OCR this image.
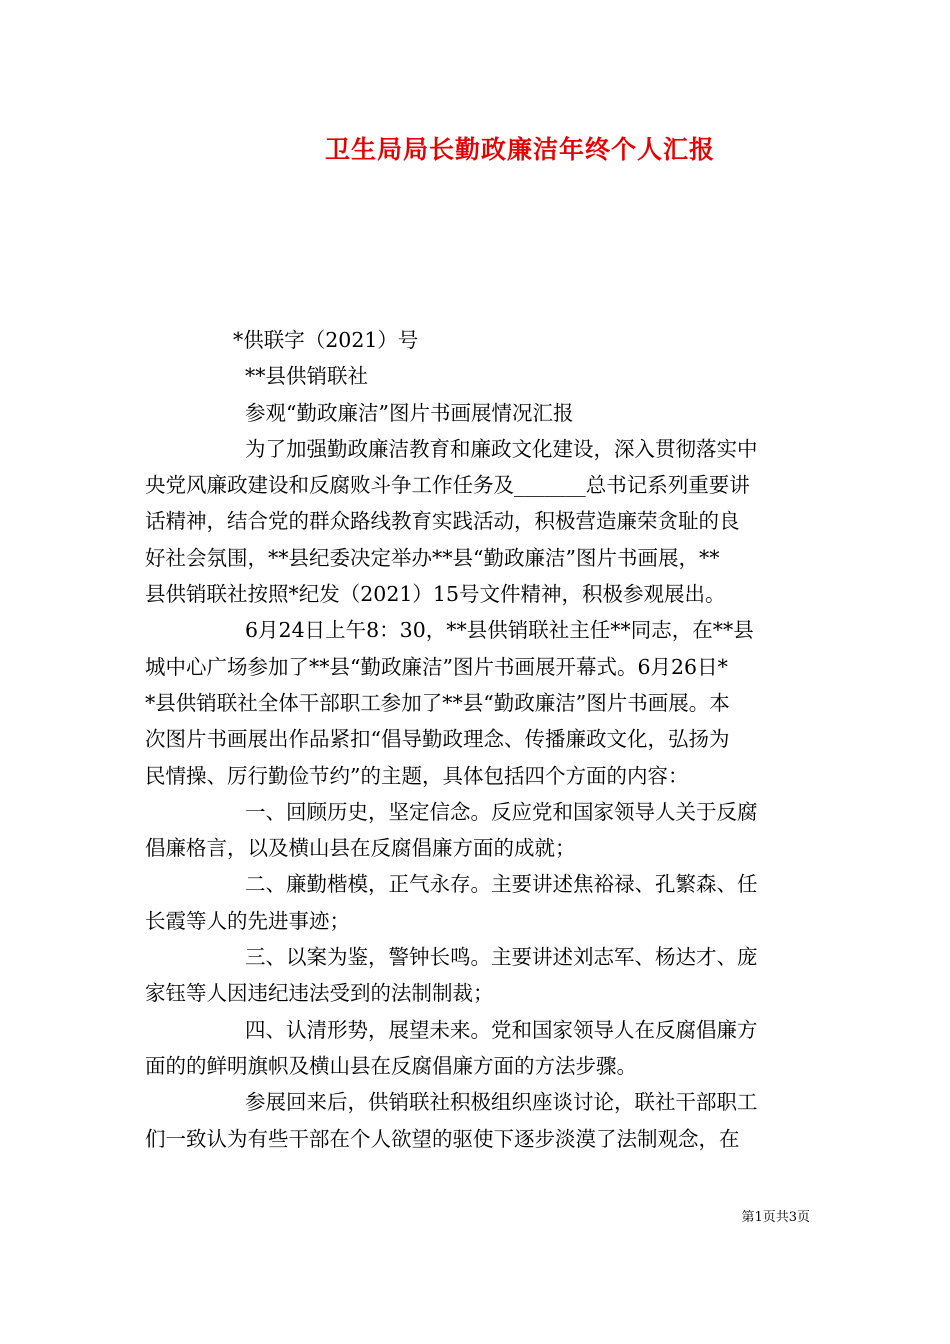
卫生局局长勤政廉洁年终个人汇报
*供联字（2021）号
**县供销联社
参观“勤政廉洁”图片书画展情况汇报
为了加强勤政廉洁教育和廉政文化建设，深入贯彻落实中
央党风廉政建设和反腐败斗争工作任务及_______总书记系列重要讲
话精神，结合党的群众路线教育实践活动，积极营造廉荣贪耻的良
好社会氛围，**县纪委决定举办**县“勤政廉洁”图片书画展，**
县供销联社按照*纪发（2021）15号文件精神，积极参观展出。
6月24日上午8：30，**县供销联社主任**同志，在**县
城中心广场参加了**县“勤政廉洁”图片书画展开幕式。6月26日*
*县供销联社全体干部职工参加了**县“勤政廉洁”图片书画展。本
次图片书画展出作品紧扣“倡导勤政理念、传播廉政文化，弘扬为
民情操、厉行勤俭节约”的主题，具体包括四个方面的内容：
一、回顾历史，坚定信念。反应党和国家领导人关于反腐
倡廉格言，以及横山县在反腐倡廉方面的成就；
二、廉勤楷模，正气永存。主要讲述焦裕禄、孔繁森、任
长霞等人的先进事迹；
三、以案为鉴，警钟长鸣。主要讲述刘志军、杨达才、庞
家钰等人因违纪违法受到的法制制裁；
四、认清形势，展望未来。党和国家领导人在反腐倡廉方
面的的鲜明旗帜及横山县在反腐倡廉方面的方法步骤。
参展回来后，供销联社积极组织座谈讨论，联社干部职工
们一致认为有些干部在个人欲望的驱使下逐步淡漠了法制观念，在
第1页共3页
